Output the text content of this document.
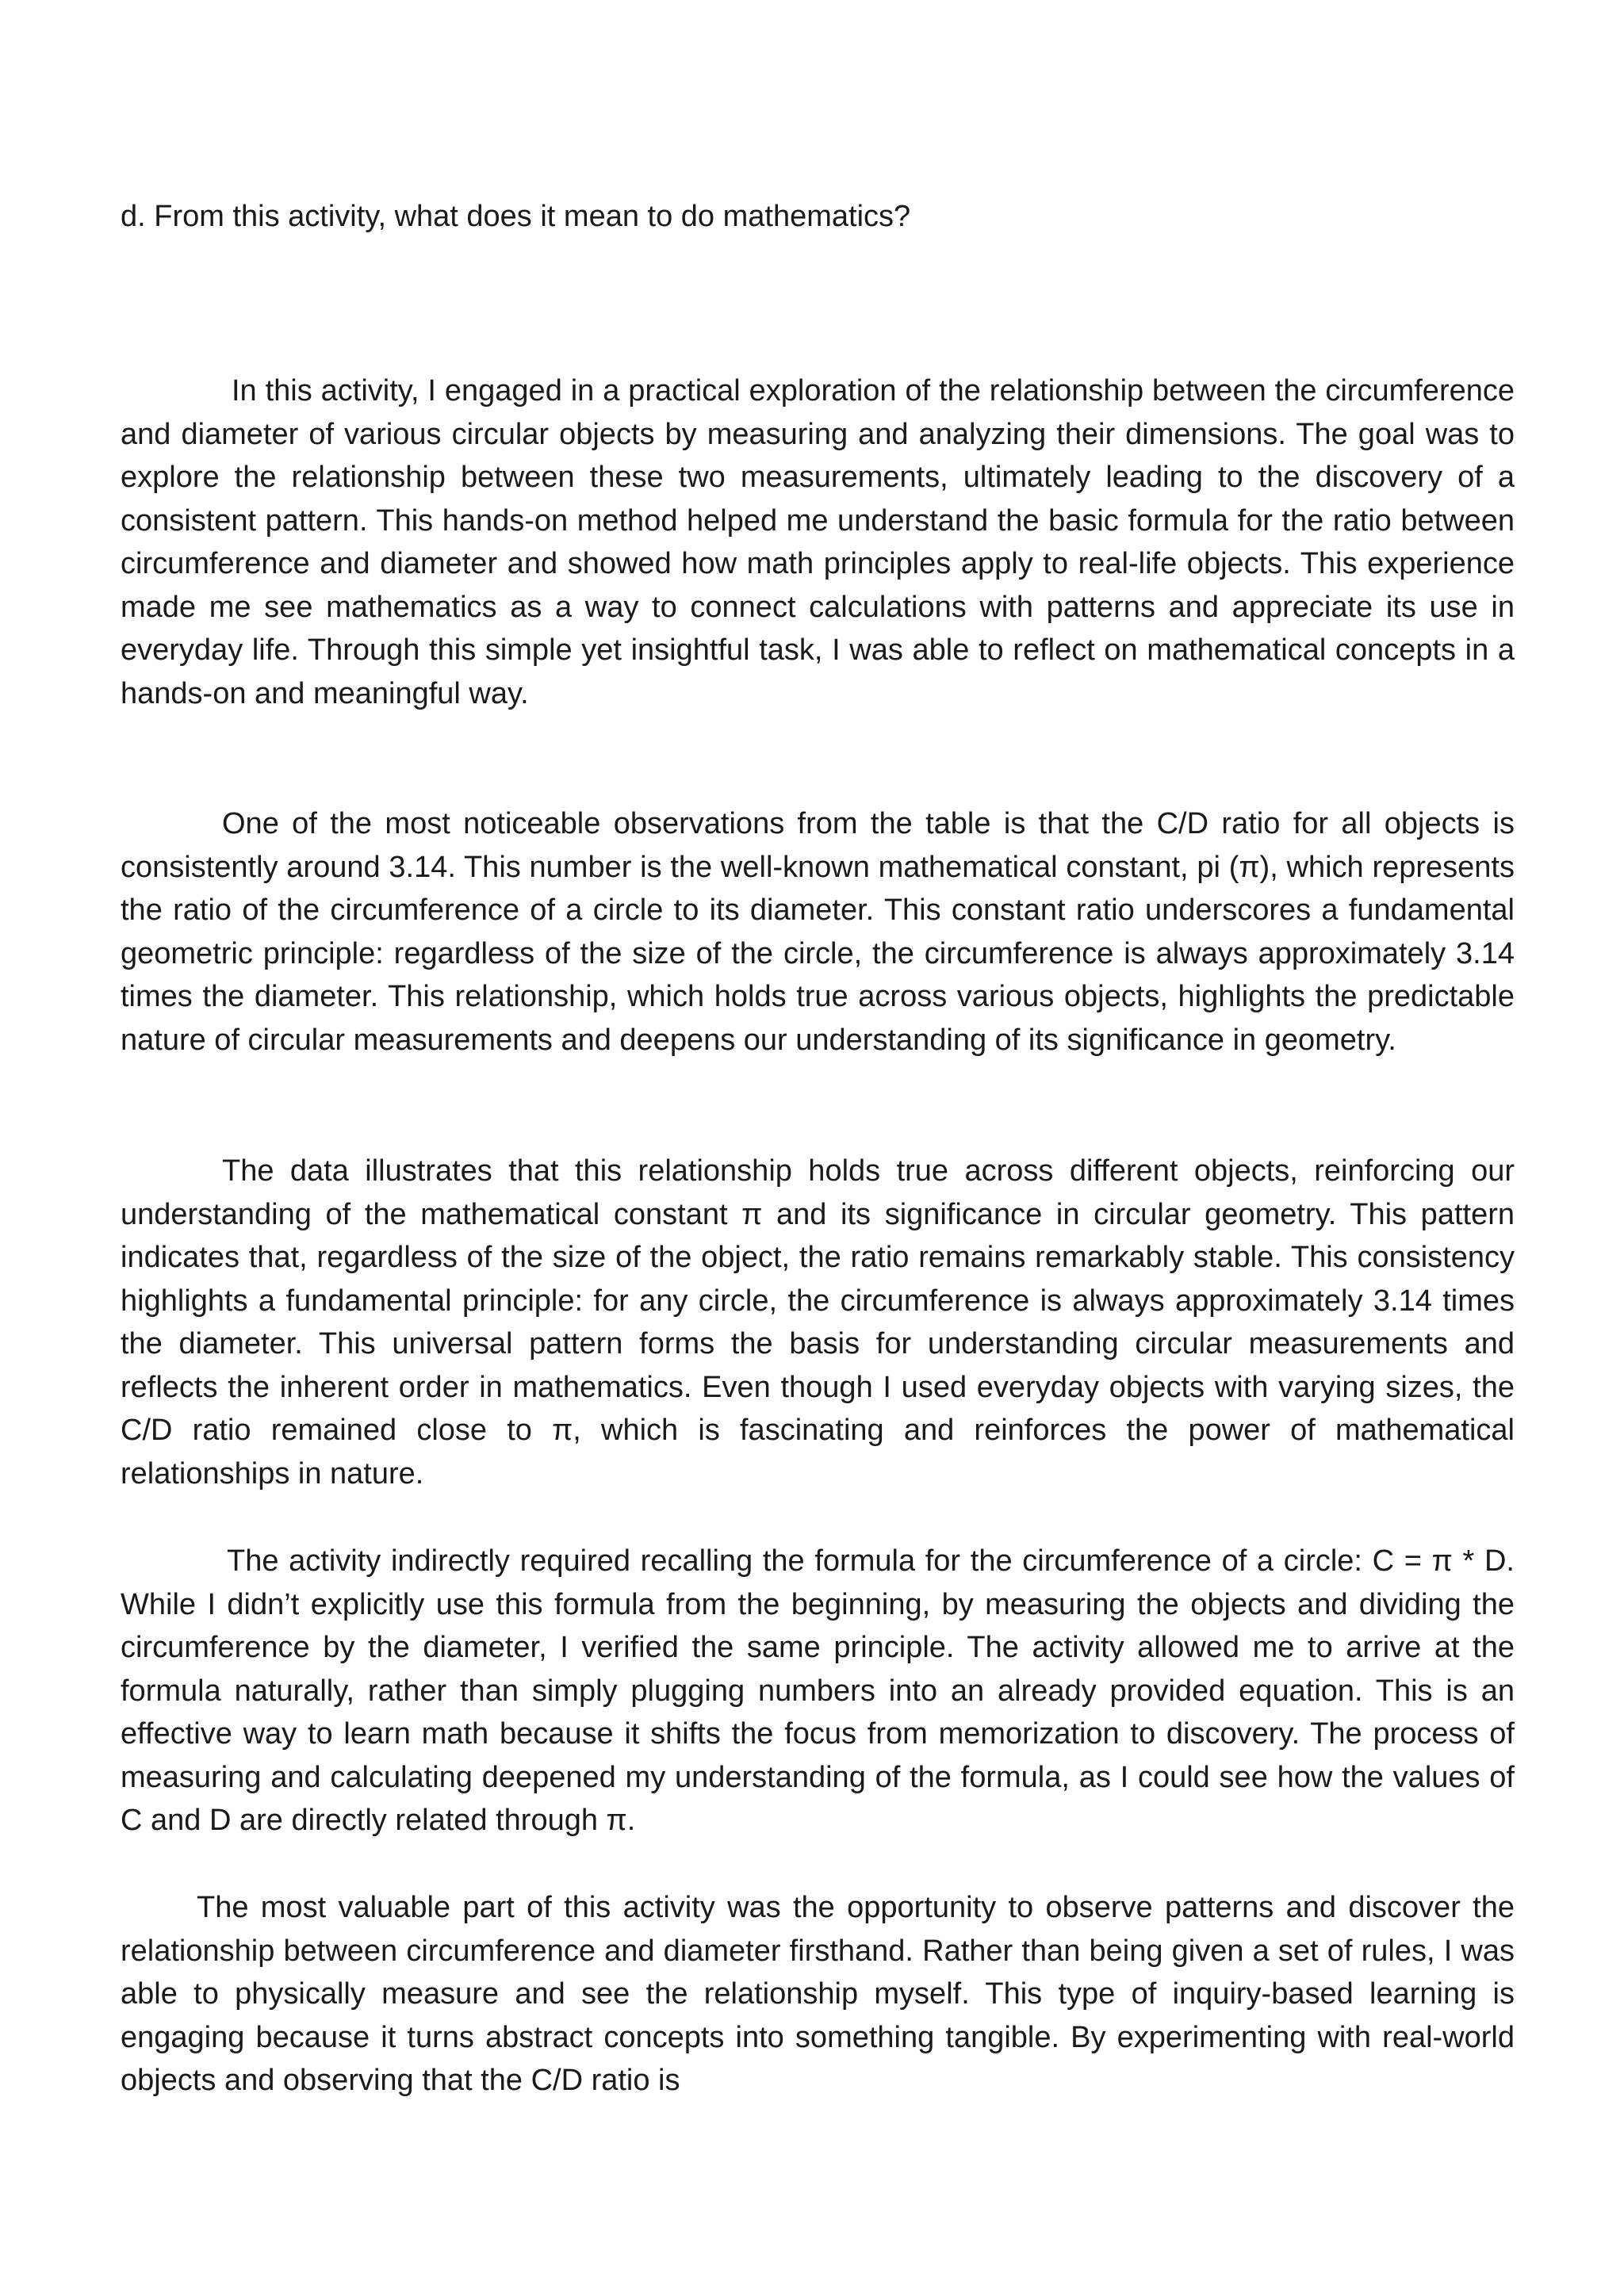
d. From this activity, what does it mean to do mathematics?

In this activity, I engaged in a practical exploration of the relationship between the circumference and diameter of various circular objects by measuring and analyzing their dimensions. The goal was to explore the relationship between these two measurements, ultimately leading to the discovery of a consistent pattern. This hands-on method helped me understand the basic formula for the ratio between circumference and diameter and showed how math principles apply to real-life objects. This experience made me see mathematics as a way to connect calculations with patterns and appreciate its use in everyday life. Through this simple yet insightful task, I was able to reflect on mathematical concepts in a hands-on and meaningful way.

One of the most noticeable observations from the table is that the C/D ratio for all objects is consistently around 3.14. This number is the well-known mathematical constant, pi (π), which represents the ratio of the circumference of a circle to its diameter. This constant ratio underscores a fundamental geometric principle: regardless of the size of the circle, the circumference is always approximately 3.14 times the diameter. This relationship, which holds true across various objects, highlights the predictable nature of circular measurements and deepens our understanding of its significance in geometry.

The data illustrates that this relationship holds true across different objects, reinforcing our understanding of the mathematical constant π and its significance in circular geometry. This pattern indicates that, regardless of the size of the object, the ratio remains remarkably stable. This consistency highlights a fundamental principle: for any circle, the circumference is always approximately 3.14 times the diameter. This universal pattern forms the basis for understanding circular measurements and reflects the inherent order in mathematics. Even though I used everyday objects with varying sizes, the C/D ratio remained close to π, which is fascinating and reinforces the power of mathematical relationships in nature.

The activity indirectly required recalling the formula for the circumference of a circle: C = π * D. While I didn’t explicitly use this formula from the beginning, by measuring the objects and dividing the circumference by the diameter, I verified the same principle. The activity allowed me to arrive at the formula naturally, rather than simply plugging numbers into an already provided equation. This is an effective way to learn math because it shifts the focus from memorization to discovery. The process of measuring and calculating deepened my understanding of the formula, as I could see how the values of C and D are directly related through π.

The most valuable part of this activity was the opportunity to observe patterns and discover the relationship between circumference and diameter firsthand. Rather than being given a set of rules, I was able to physically measure and see the relationship myself. This type of inquiry-based learning is engaging because it turns abstract concepts into something tangible. By experimenting with real-world objects and observing that the C/D ratio is
